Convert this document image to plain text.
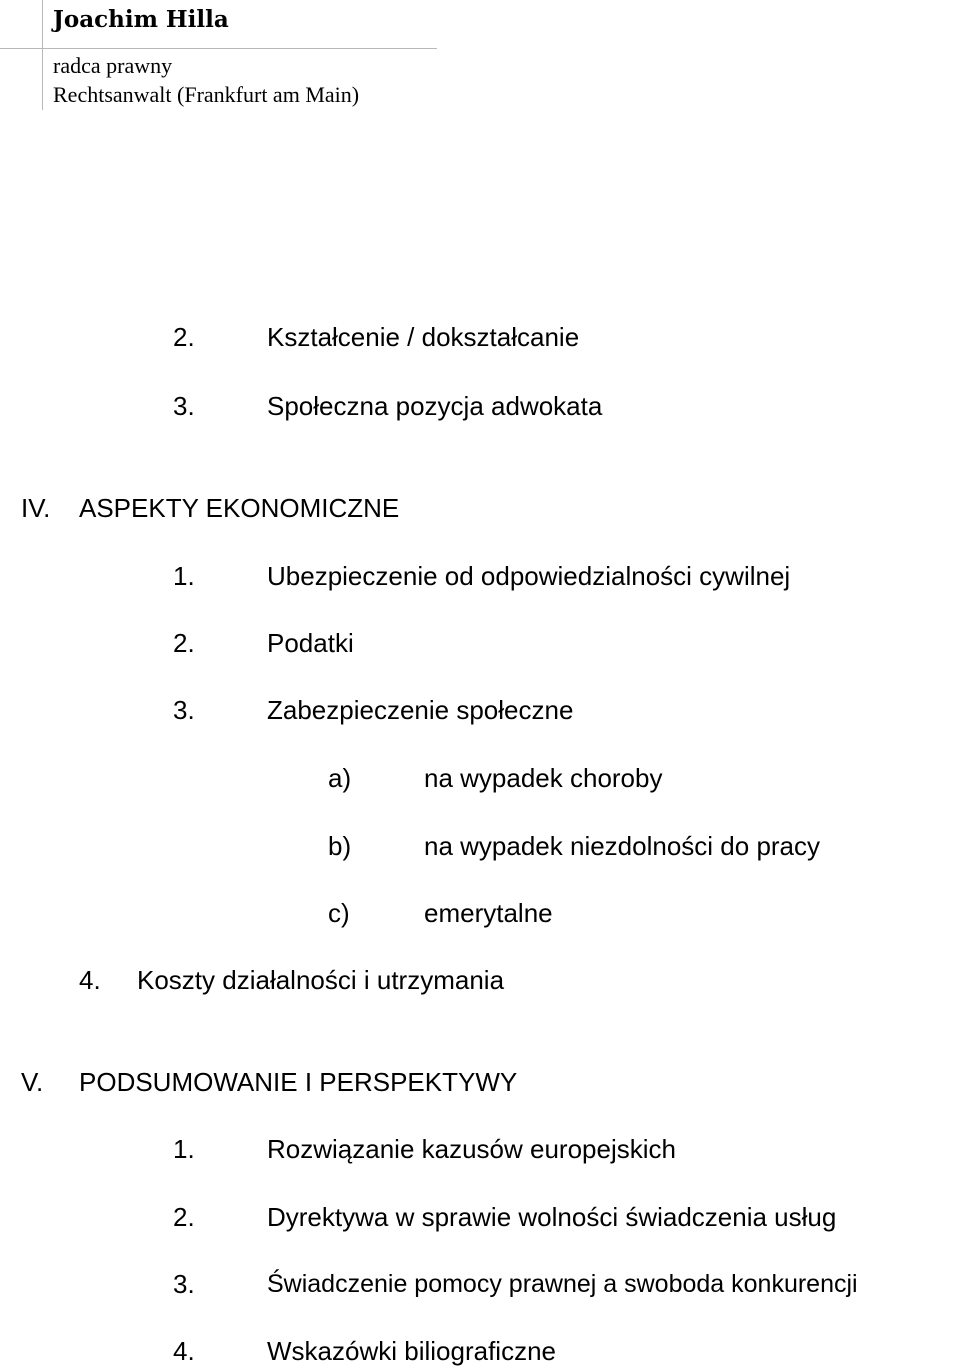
Joachim Hilla
radca prawny
Rechtsanwalt (Frankfurt am Main)
2.	Kształcenie / dokształcanie
3.	Społeczna pozycja adwokata
IV. ASPEKTY EKONOMICZNE
1.	Ubezpieczenie od odpowiedzialności cywilnej
2.	Podatki
3.	Zabezpieczenie społeczne
a)	na wypadek choroby
b)	na wypadek niezdolności do pracy
c)	emerytalne
4. Koszty działalności i utrzymania
V. PODSUMOWANIE I PERSPEKTYWY
1.	Rozwiązanie kazusów europejskich
2.	Dyrektywa w sprawie wolności świadczenia usług
3.	Świadczenie pomocy prawnej a swoboda konkurencji
4.	Wskazówki biliograficzne
